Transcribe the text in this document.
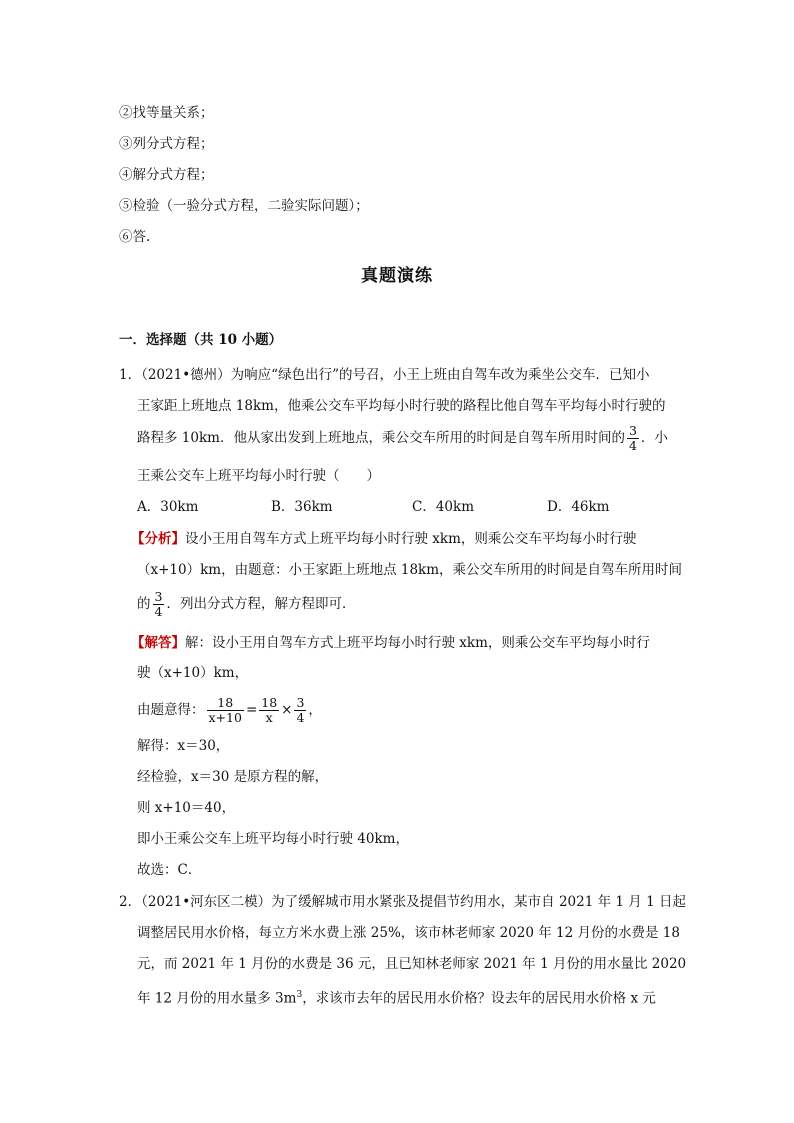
②找等量关系；
③列分式方程；
④解分式方程；
⑤检验（一验分式方程，二验实际问题）；
⑥答.
真题演练
一．选择题（共 10 小题）
1．（2021•德州）为响应“绿色出行”的号召，小王上班由自驾车改为乘坐公交车．已知小
王家距上班地点 18km，他乘公交车平均每小时行驶的路程比他自驾车平均每小时行驶的
路程多 10km．他从家出发到上班地点，乘公交车所用的时间是自驾车所用时间的 $\frac{3}{4}$ ．小
王乘公交车上班平均每小时行驶（　　）
A．30km	B．36km	C．40km	D．46km
【分析】设小王用自驾车方式上班平均每小时行驶 xkm，则乘公交车平均每小时行驶
（x+10）km，由题意：小王家距上班地点 18km，乘公交车所用的时间是自驾车所用时间
的 $\frac{3}{4}$ ．列出分式方程，解方程即可．
【解答】解：设小王用自驾车方式上班平均每小时行驶 xkm，则乘公交车平均每小时行
驶（x+10）km，
由题意得： $\frac{18}{x+10} = \frac{18}{x} \times \frac{3}{4}$ ，
解得：x＝30，
经检验，x＝30 是原方程的解，
则 x+10＝40，
即小王乘公交车上班平均每小时行驶 40km，
故选：C．
2．（2021•河东区二模）为了缓解城市用水紧张及提倡节约用水，某市自 2021 年 1 月 1 日起
调整居民用水价格，每立方米水费上涨 25%，该市林老师家 2020 年 12 月份的水费是 18
元，而 2021 年 1 月份的水费是 36 元，且已知林老师家 2021 年 1 月份的用水量比 2020
年 12 月份的用水量多 $3m^3$，求该市去年的居民用水价格？设去年的居民用水价格 x 元
